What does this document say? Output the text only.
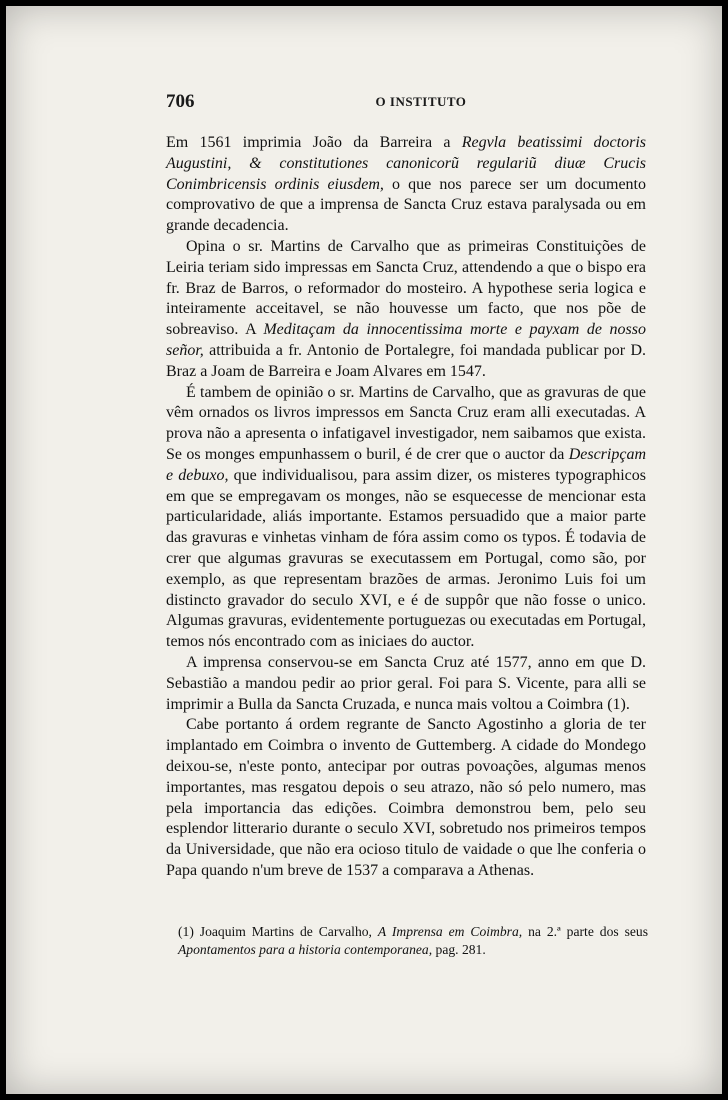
706	O INSTITUTO

Em 1561 imprimia João da Barreira a Regvla beatissimi doctoris Augustini, & constitutiones canonicorũ regulariũ diuæ Crucis Conimbricensis ordinis eiusdem, o que nos parece ser um documento comprovativo de que a imprensa de Sancta Cruz estava paralysada ou em grande decadencia.

Opina o sr. Martins de Carvalho que as primeiras Constituições de Leiria teriam sido impressas em Sancta Cruz, attendendo a que o bispo era fr. Braz de Barros, o reformador do mosteiro. A hypothese seria logica e inteiramente acceitavel, se não houvesse um facto, que nos põe de sobreaviso. A Meditaçam da innocentissima morte e payxam de nosso señor, attribuida a fr. Antonio de Portalegre, foi mandada publicar por D. Braz a Joam de Barreira e Joam Alvares em 1547.

É tambem de opinião o sr. Martins de Carvalho, que as gravuras de que vêm ornados os livros impressos em Sancta Cruz eram alli executadas. A prova não a apresenta o infatigavel investigador, nem saibamos que exista. Se os monges empunhassem o buril, é de crer que o auctor da Descripçam e debuxo, que individualisou, para assim dizer, os misteres typographicos em que se empregavam os monges, não se esquecesse de mencionar esta particularidade, aliás importante. Estamos persuadido que a maior parte das gravuras e vinhetas vinham de fóra assim como os typos. É todavia de crer que algumas gravuras se executassem em Portugal, como são, por exemplo, as que representam brazões de armas. Jeronimo Luis foi um distincto gravador do seculo XVI, e é de suppôr que não fosse o unico. Algumas gravuras, evidentemente portuguezas ou executadas em Portugal, temos nós encontrado com as iniciaes do auctor.

A imprensa conservou-se em Sancta Cruz até 1577, anno em que D. Sebastião a mandou pedir ao prior geral. Foi para S. Vicente, para alli se imprimir a Bulla da Sancta Cruzada, e nunca mais voltou a Coimbra (1).

Cabe portanto á ordem regrante de Sancto Agostinho a gloria de ter implantado em Coimbra o invento de Guttemberg. A cidade do Mondego deixou-se, n'este ponto, antecipar por outras povoações, algumas menos importantes, mas resgatou depois o seu atrazo, não só pelo numero, mas pela importancia das edições. Coimbra demonstrou bem, pelo seu esplendor litterario durante o seculo XVI, sobretudo nos primeiros tempos da Universidade, que não era ocioso titulo de vaidade o que lhe conferia o Papa quando n'um breve de 1537 a comparava a Athenas.

(1) Joaquim Martins de Carvalho, A Imprensa em Coimbra, na 2.ª parte dos seus Apontamentos para a historia contemporanea, pag. 281.
